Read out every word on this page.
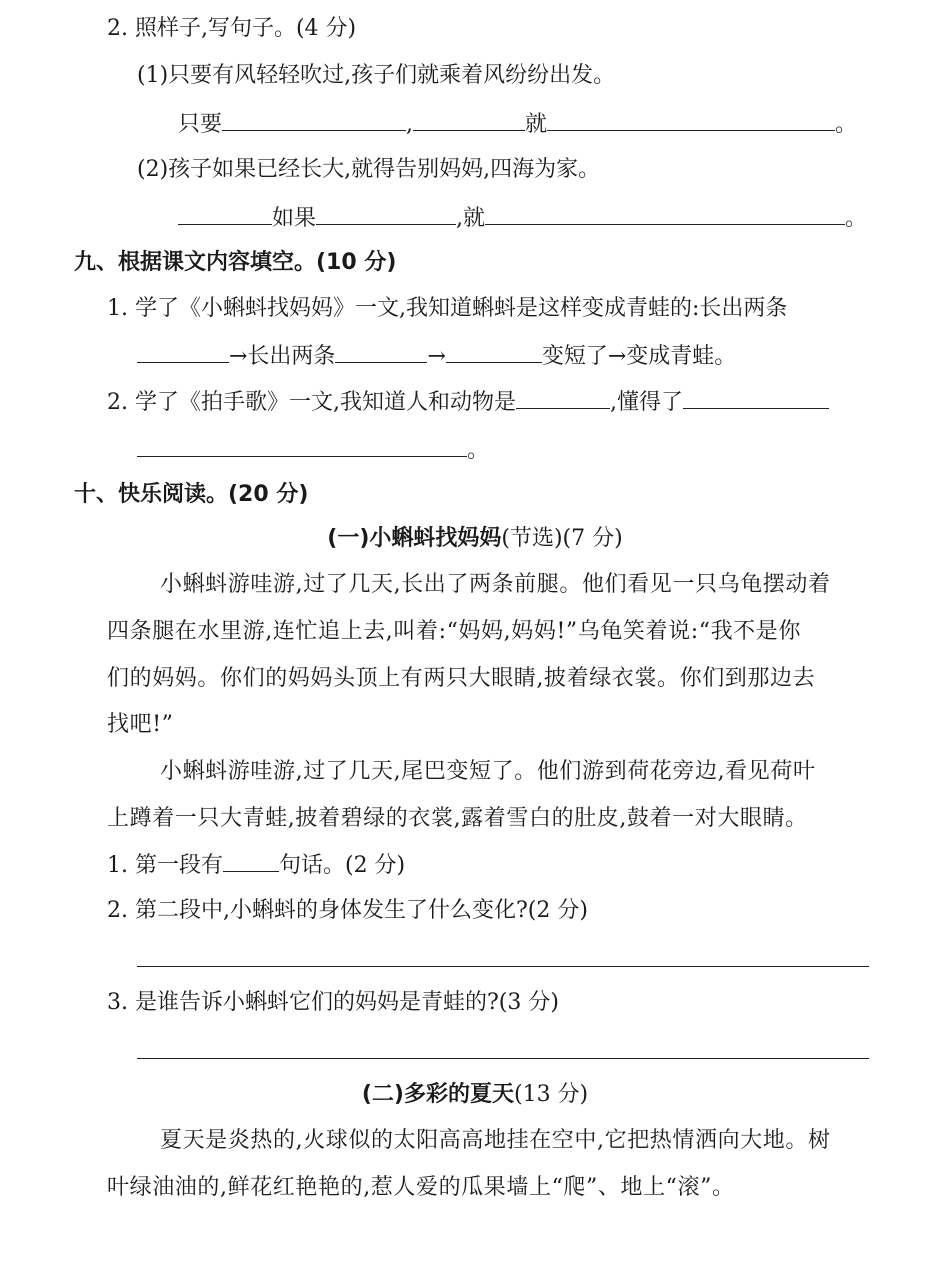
2. 照样子,写句子。(4 分)
(1)只要有风轻轻吹过,孩子们就乘着风纷纷出发。
只要	,	就	。
(2)孩子如果已经长大,就得告别妈妈,四海为家。
如果	,就	。
九、根据课文内容填空。(10 分)
1. 学了《小蝌蚪找妈妈》一文,我知道蝌蚪是这样变成青蛙的:长出两条
→长出两条	→	变短了→变成青蛙。
2. 学了《拍手歌》一文,我知道人和动物是	,懂得了
。
十、快乐阅读。(20 分)
(一)小蝌蚪找妈妈(节选)(7 分)
小蝌蚪游哇游,过了几天,长出了两条前腿。他们看见一只乌龟摆动着
四条腿在水里游,连忙追上去,叫着:“妈妈,妈妈!”乌龟笑着说:“我不是你
们的妈妈。你们的妈妈头顶上有两只大眼睛,披着绿衣裳。你们到那边去
找吧!”
小蝌蚪游哇游,过了几天,尾巴变短了。他们游到荷花旁边,看见荷叶
上蹲着一只大青蛙,披着碧绿的衣裳,露着雪白的肚皮,鼓着一对大眼睛。
1. 第一段有	句话。(2 分)
2. 第二段中,小蝌蚪的身体发生了什么变化?(2 分)
3. 是谁告诉小蝌蚪它们的妈妈是青蛙的?(3 分)
(二)多彩的夏天(13 分)
夏天是炎热的,火球似的太阳高高地挂在空中,它把热情洒向大地。树
叶绿油油的,鲜花红艳艳的,惹人爱的瓜果墙上“爬”、地上“滚”。
